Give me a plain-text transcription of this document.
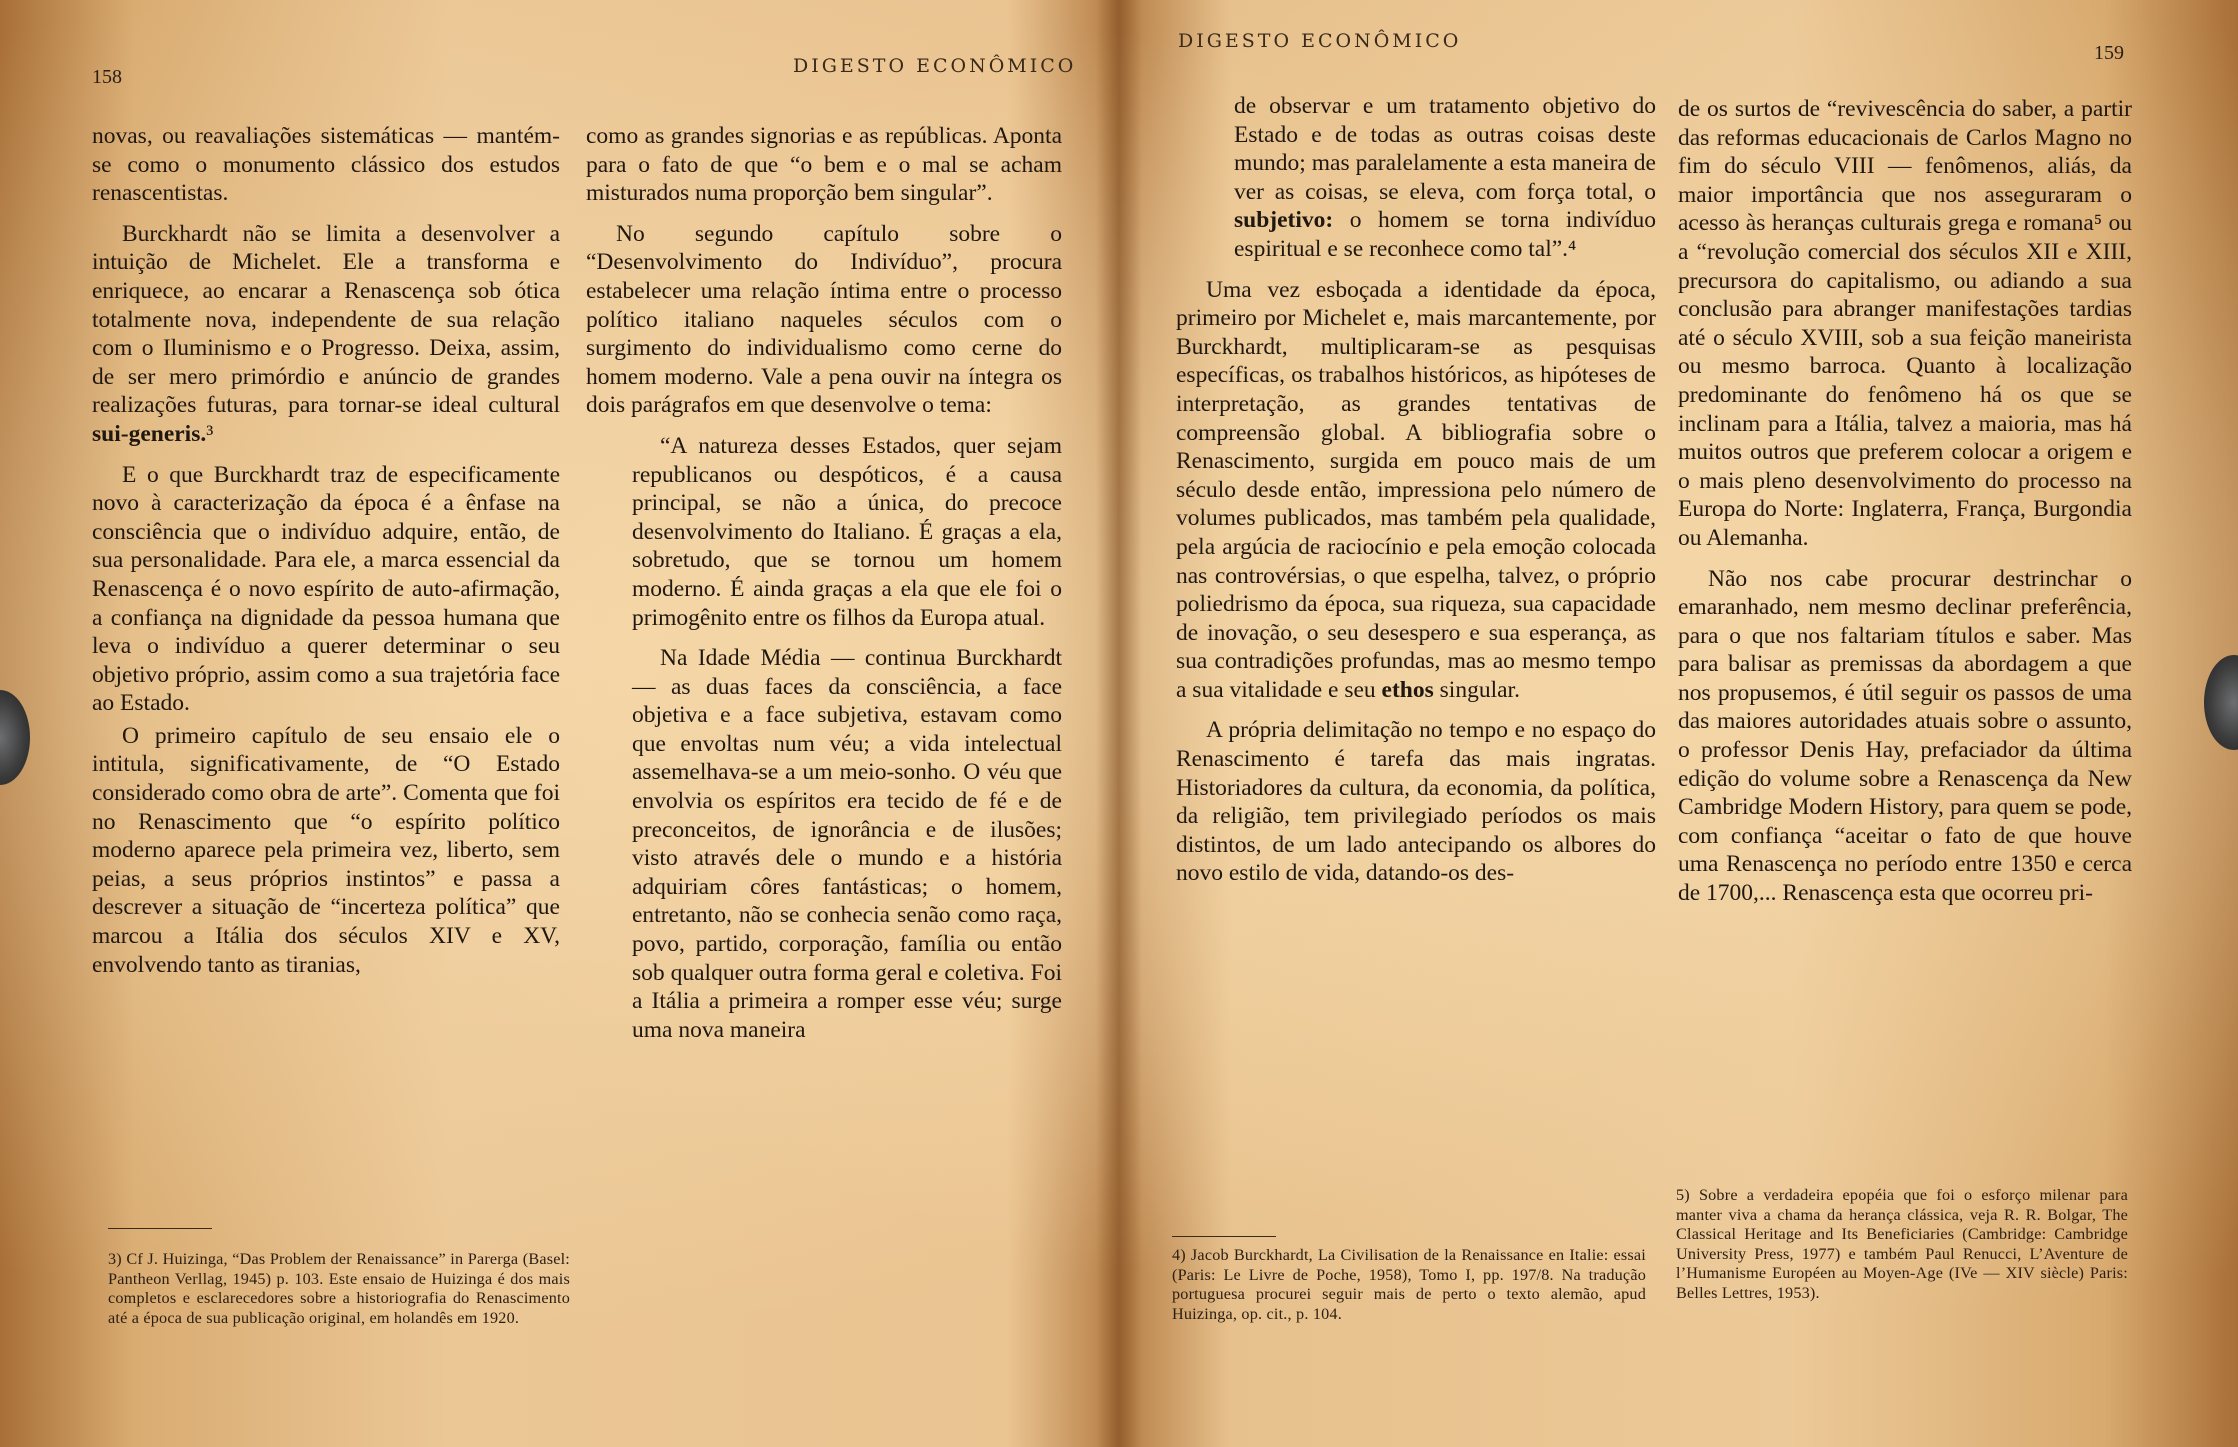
158	DIGESTO ECONÔMICO

novas, ou reavaliações sistemáticas — mantém-se como o monumento clássico dos estudos renascentistas.

Burckhardt não se limita a desenvolver a intuição de Michelet. Ele a transforma e enriquece, ao encarar a Renascença sob ótica totalmente nova, independente de sua relação com o Iluminismo e o Progresso. Deixa, assim, de ser mero primórdio e anúncio de grandes realizações futuras, para tornar-se ideal cultural sui-generis.³

E o que Burckhardt traz de especificamente novo à caracterização da época é a ênfase na consciência que o indivíduo adquire, então, de sua personalidade. Para ele, a marca essencial da Renascença é o novo espírito de auto-afirmação, a confiança na dignidade da pessoa humana que leva o indivíduo a querer determinar o seu objetivo próprio, assim como a sua trajetória face ao Estado.

O primeiro capítulo de seu ensaio ele o intitula, significativamente, de “O Estado considerado como obra de arte”. Comenta que foi no Renascimento que “o espírito político moderno aparece pela primeira vez, liberto, sem peias, a seus próprios instintos” e passa a descrever a situação de “incerteza política” que marcou a Itália dos séculos XIV e XV, envolvendo tanto as tiranias,

3) Cf J. Huizinga, “Das Problem der Renaissance” in Parerga (Basel: Pantheon Verllag, 1945) p. 103. Este ensaio de Huizinga é dos mais completos e esclarecedores sobre a historiografia do Renascimento até a época de sua publicação original, em holandês em 1920.

como as grandes signorias e as repúblicas. Aponta para o fato de que “o bem e o mal se acham misturados numa proporção bem singular”.

No segundo capítulo sobre o “Desenvolvimento do Indivíduo”, procura estabelecer uma relação íntima entre o processo político italiano naqueles séculos com o surgimento do individualismo como cerne do homem moderno. Vale a pena ouvir na íntegra os dois parágrafos em que desenvolve o tema:

“A natureza desses Estados, quer sejam republicanos ou despóticos, é a causa principal, se não a única, do precoce desenvolvimento do Italiano. É graças a ela, sobretudo, que se tornou um homem moderno. É ainda graças a ela que ele foi o primogênito entre os filhos da Europa atual.

Na Idade Média — continua Burckhardt — as duas faces da consciência, a face objetiva e a face subjetiva, estavam como que envoltas num véu; a vida intelectual assemelhava-se a um meio-sonho. O véu que envolvia os espíritos era tecido de fé e de preconceitos, de ignorância e de ilusões; visto através dele o mundo e a história adquiriam côres fantásticas; o homem, entretanto, não se conhecia senão como raça, povo, partido, corporação, família ou então sob qualquer outra forma geral e coletiva. Foi a Itália a primeira a romper esse véu; surge uma nova maneira

DIGESTO ECONÔMICO
159

de observar e um tratamento objetivo do Estado e de todas as outras coisas deste mundo; mas paralelamente a esta maneira de ver as coisas, se eleva, com força total, o subjetivo: o homem se torna indivíduo espiritual e se reconhece como tal”.⁴

Uma vez esboçada a identidade da época, primeiro por Michelet e, mais marcantemente, por Burckhardt, multiplicaram-se as pesquisas específicas, os trabalhos históricos, as hipóteses de interpretação, as grandes tentativas de compreensão global. A bibliografia sobre o Renascimento, surgida em pouco mais de um século desde então, impressiona pelo número de volumes publicados, mas também pela qualidade, pela argúcia de raciocínio e pela emoção colocada nas controvérsias, o que espelha, talvez, o próprio poliedrismo da época, sua riqueza, sua capacidade de inovação, o seu desespero e sua esperança, as sua contradições profundas, mas ao mesmo tempo a sua vitalidade e seu ethos singular.

A própria delimitação no tempo e no espaço do Renascimento é tarefa das mais ingratas. Historiadores da cultura, da economia, da política, da religião, tem privilegiado períodos os mais distintos, de um lado antecipando os albores do novo estilo de vida, datando-os des-

4) Jacob Burckhardt, La Civilisation de la Renaissance en Italie: essai (Paris: Le Livre de Poche, 1958), Tomo I, pp. 197/8. Na tradução portuguesa procurei seguir mais de perto o texto alemão, apud Huizinga, op. cit., p. 104.

de os surtos de “revivescência do saber, a partir das reformas educacionais de Carlos Magno no fim do século VIII — fenômenos, aliás, da maior importância que nos asseguraram o acesso às heranças culturais grega e romana⁵ ou a “revolução comercial dos séculos XII e XIII, precursora do capitalismo, ou adiando a sua conclusão para abranger manifestações tardias até o século XVIII, sob a sua feição maneirista ou mesmo barroca. Quanto à localização predominante do fenômeno há os que se inclinam para a Itália, talvez a maioria, mas há muitos outros que preferem colocar a origem e o mais pleno desenvolvimento do processo na Europa do Norte: Inglaterra, França, Burgondia ou Alemanha.

Não nos cabe procurar destrinchar o emaranhado, nem mesmo declinar preferência, para o que nos faltariam títulos e saber. Mas para balisar as premissas da abordagem a que nos propusemos, é útil seguir os passos de uma das maiores autoridades atuais sobre o assunto, o professor Denis Hay, prefaciador da última edição do volume sobre a Renascença da New Cambridge Modern History, para quem se pode, com confiança “aceitar o fato de que houve uma Renascença no período entre 1350 e cerca de 1700,... Renascença esta que ocorreu pri-

5) Sobre a verdadeira epopéia que foi o esforço milenar para manter viva a chama da herança clássica, veja R. R. Bolgar, The Classical Heritage and Its Beneficiaries (Cambridge: Cambridge University Press, 1977) e também Paul Renucci, L’Aventure de l’Humanisme Européen au Moyen-Age (IVe — XIV siècle) Paris: Belles Lettres, 1953).
